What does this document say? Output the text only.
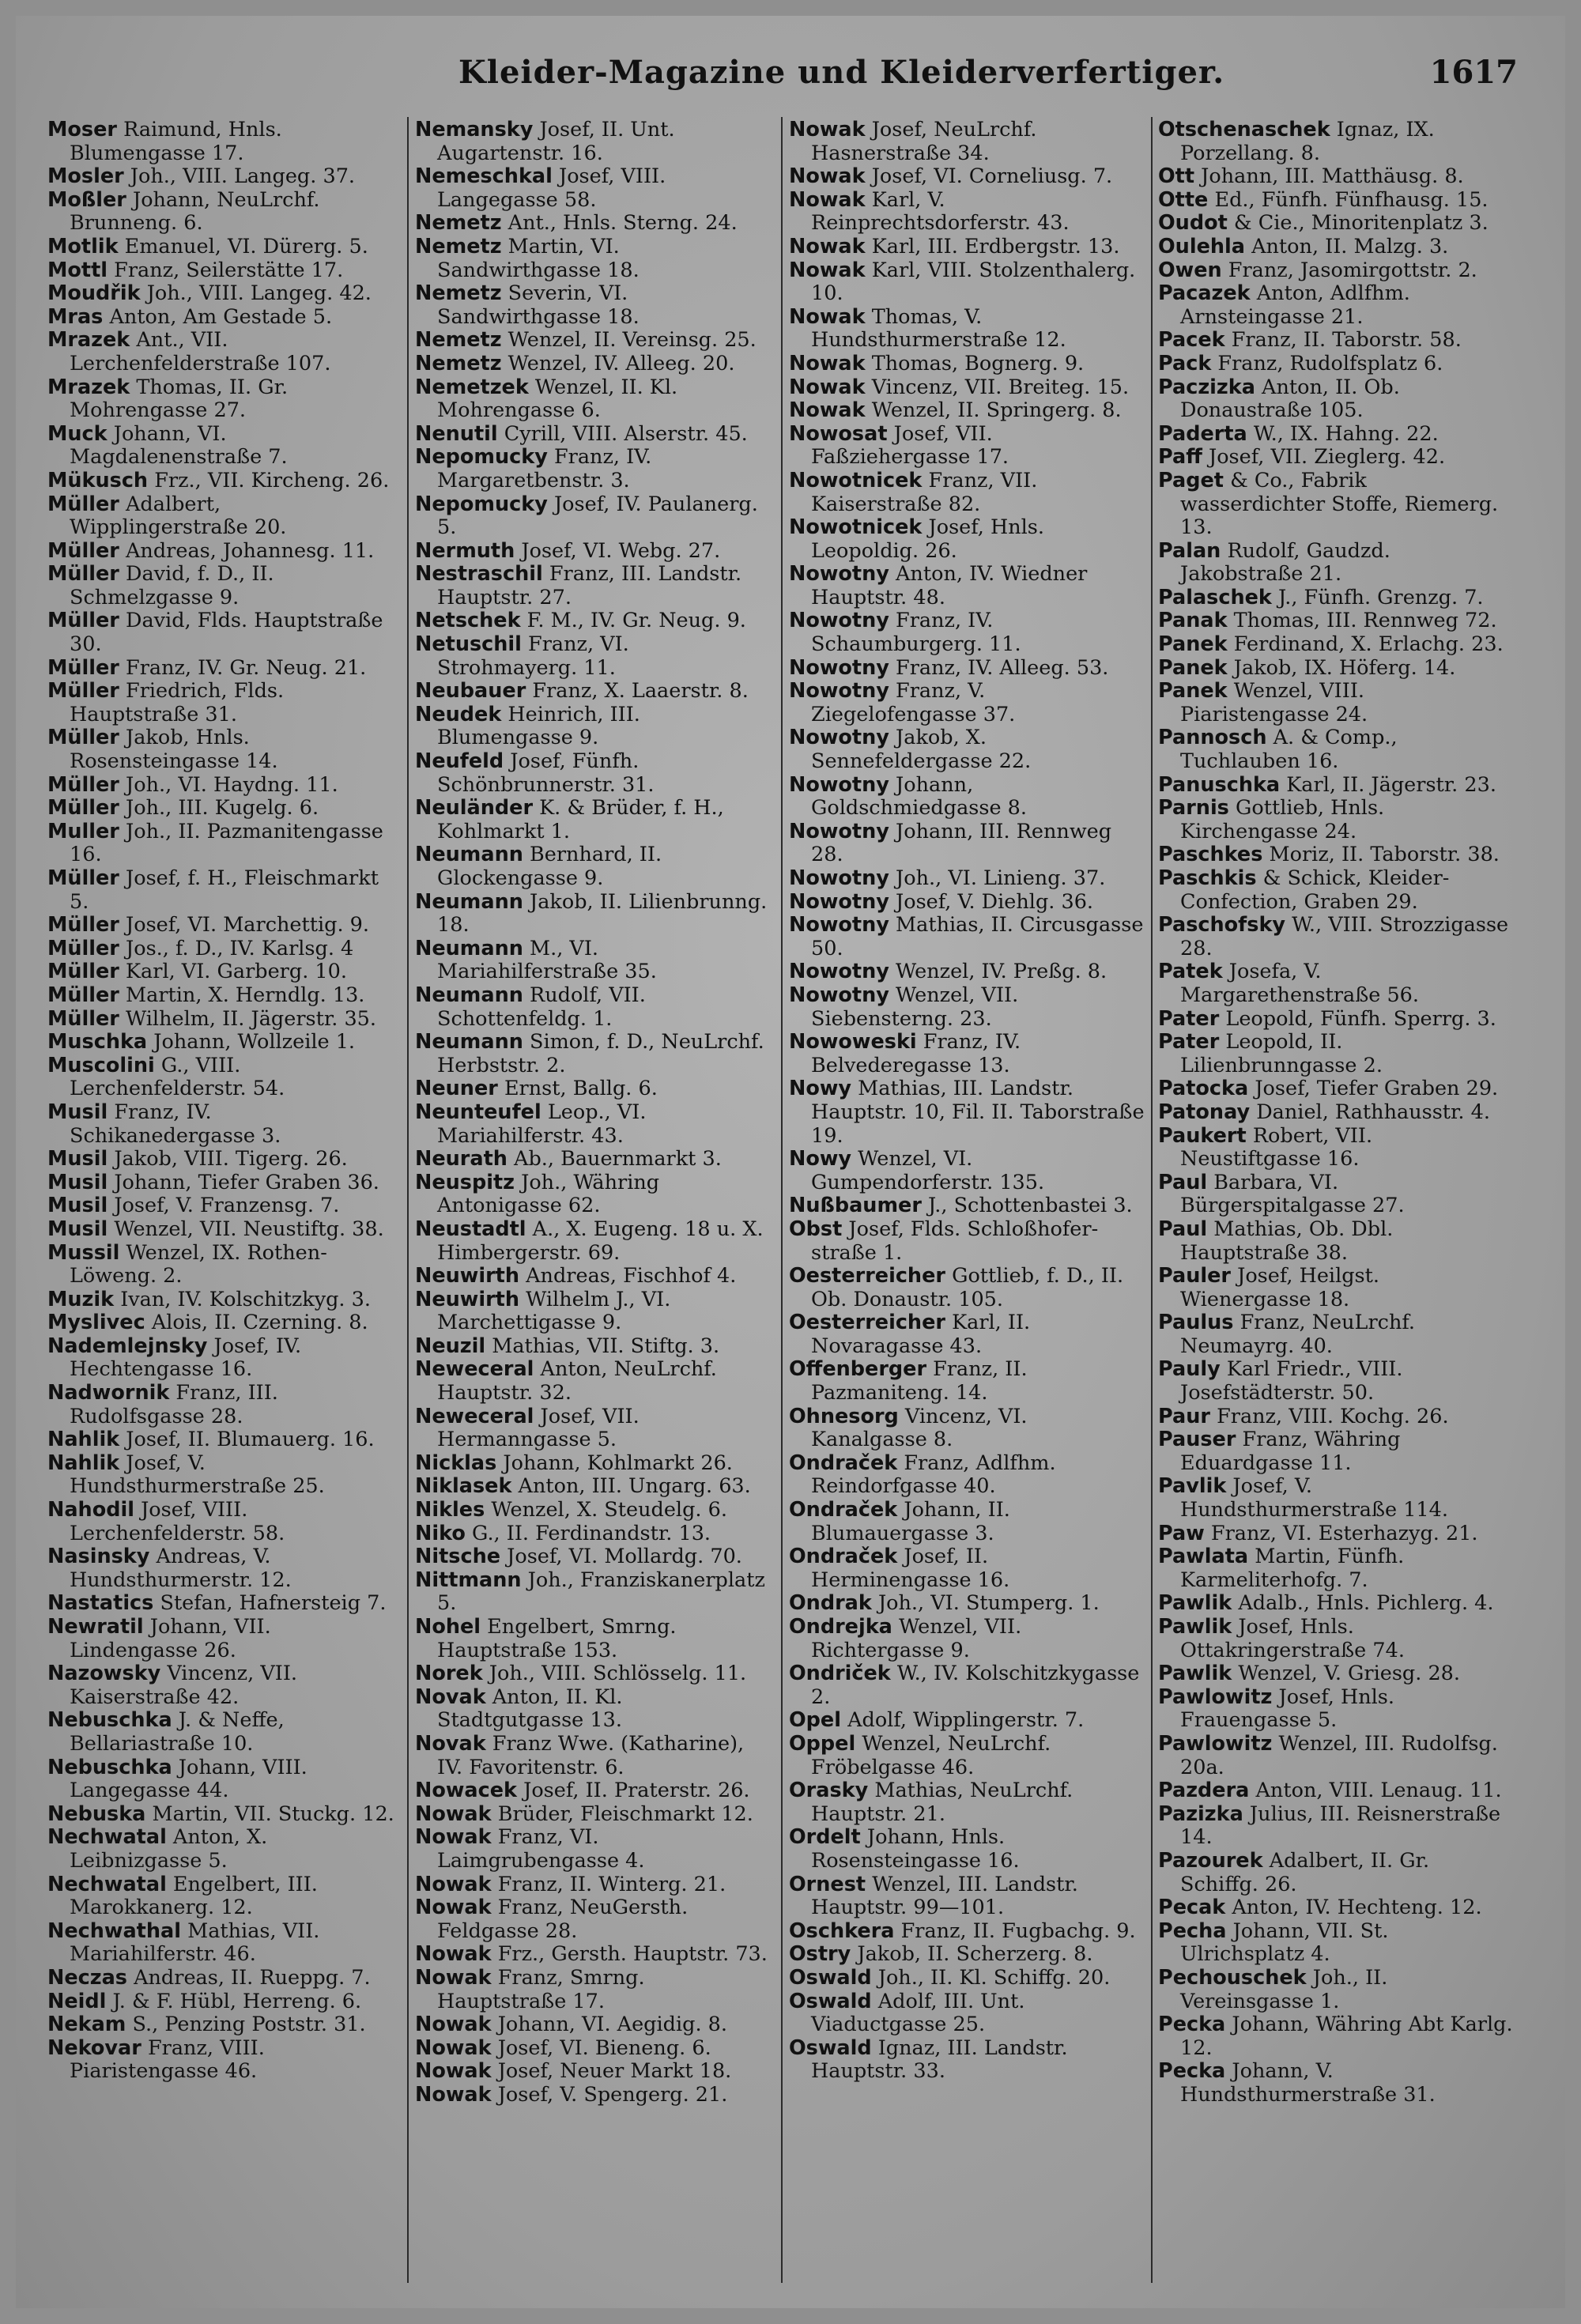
Kleider-Magazine und Kleiderverfertiger.	1617

Moser Raimund, Hnls. Blumengasse 17.

Mosler Joh., VIII. Langeg. 37.

Moßler Johann, NeuLrchf. Brunneng. 6.

Motlik Emanuel, VI. Dürerg. 5.

Mottl Franz, Seilerstätte 17.

Moudřik Joh., VIII. Langeg. 42.

Mras Anton, Am Gestade 5.

Mrazek Ant., VII. Lerchenfelderstraße 107.

Mrazek Thomas, II. Gr. Mohrengasse 27.

Muck Johann, VI. Magdalenenstraße 7.

Mükusch Frz., VII. Kircheng. 26.

Müller Adalbert, Wipplingerstraße 20.

Müller Andreas, Johannesg. 11.

Müller David, f. D., II. Schmelzgasse 9.

Müller David, Flds. Hauptstraße 30.

Müller Franz, IV. Gr. Neug. 21.

Müller Friedrich, Flds. Hauptstraße 31.

Müller Jakob, Hnls. Rosensteingasse 14.

Müller Joh., VI. Haydng. 11.

Müller Joh., III. Kugelg. 6.

Muller Joh., II. Pazmanitengasse 16.

Müller Josef, f. H., Fleischmarkt 5.

Müller Josef, VI. Marchettig. 9.

Müller Jos., f. D., IV. Karlsg. 4

Müller Karl, VI. Garberg. 10.

Müller Martin, X. Herndlg. 13.

Müller Wilhelm, II. Jägerstr. 35.

Muschka Johann, Wollzeile 1.

Muscolini G., VIII. Lerchenfelderstr. 54.

Musil Franz, IV. Schikanedergasse 3.

Musil Jakob, VIII. Tigerg. 26.

Musil Johann, Tiefer Graben 36.

Musil Josef, V. Franzensg. 7.

Musil Wenzel, VII. Neustiftg. 38.

Mussil Wenzel, IX. Rothen-Löweng. 2.

Muzik Ivan, IV. Kolschitzkyg. 3.

Myslivec Alois, II. Czerning. 8.

Nademlejnsky Josef, IV. Hechtengasse 16.

Nadwornik Franz, III. Rudolfsgasse 28.

Nahlik Josef, II. Blumauerg. 16.

Nahlik Josef, V. Hundsthurmerstraße 25.

Nahodil Josef, VIII. Lerchenfelderstr. 58.

Nasinsky Andreas, V. Hundsthurmerstr. 12.

Nastatics Stefan, Hafnersteig 7.

Newratil Johann, VII. Lindengasse 26.

Nazowsky Vincenz, VII. Kaiserstraße 42.

Nebuschka J. & Neffe, Bellariastraße 10.

Nebuschka Johann, VIII. Langegasse 44.

Nebuska Martin, VII. Stuckg. 12.

Nechwatal Anton, X. Leibnizgasse 5.

Nechwatal Engelbert, III. Marokkanerg. 12.

Nechwathal Mathias, VII. Mariahilferstr. 46.

Neczas Andreas, II. Rueppg. 7.

Neidl J. & F. Hübl, Herreng. 6.

Nekam S., Penzing Poststr. 31.

Nekovar Franz, VIII. Piaristengasse 46.

Nemansky Josef, II. Unt. Augartenstr. 16.

Nemeschkal Josef, VIII. Langegasse 58.

Nemetz Ant., Hnls. Sterng. 24.

Nemetz Martin, VI. Sandwirthgasse 18.

Nemetz Severin, VI. Sandwirthgasse 18.

Nemetz Wenzel, II. Vereinsg. 25.

Nemetz Wenzel, IV. Alleeg. 20.

Nemetzek Wenzel, II. Kl. Mohrengasse 6.

Nenutil Cyrill, VIII. Alserstr. 45.

Nepomucky Franz, IV. Margaretbenstr. 3.

Nepomucky Josef, IV. Paulanerg. 5.

Nermuth Josef, VI. Webg. 27.

Nestraschil Franz, III. Landstr. Hauptstr. 27.

Netschek F. M., IV. Gr. Neug. 9.

Netuschil Franz, VI. Strohmayerg. 11.

Neubauer Franz, X. Laaerstr. 8.

Neudek Heinrich, III. Blumengasse 9.

Neufeld Josef, Fünfh. Schönbrunnerstr. 31.

Neuländer K. & Brüder, f. H., Kohlmarkt 1.

Neumann Bernhard, II. Glockengasse 9.

Neumann Jakob, II. Lilienbrunng. 18.

Neumann M., VI. Mariahilferstraße 35.

Neumann Rudolf, VII. Schottenfeldg. 1.

Neumann Simon, f. D., NeuLrchf. Herbststr. 2.

Neuner Ernst, Ballg. 6.

Neunteufel Leop., VI. Mariahilferstr. 43.

Neurath Ab., Bauernmarkt 3.

Neuspitz Joh., Währing Antonigasse 62.

Neustadtl A., X. Eugeng. 18 u. X. Himbergerstr. 69.

Neuwirth Andreas, Fischhof 4.

Neuwirth Wilhelm J., VI. Marchettigasse 9.

Neuzil Mathias, VII. Stiftg. 3.

Neweceral Anton, NeuLrchf. Hauptstr. 32.

Neweceral Josef, VII. Hermanngasse 5.

Nicklas Johann, Kohlmarkt 26.

Niklasek Anton, III. Ungarg. 63.

Nikles Wenzel, X. Steudelg. 6.

Niko G., II. Ferdinandstr. 13.

Nitsche Josef, VI. Mollardg. 70.

Nittmann Joh., Franziskanerplatz 5.

Nohel Engelbert, Smrng. Hauptstraße 153.

Norek Joh., VIII. Schlösselg. 11.

Novak Anton, II. Kl. Stadtgutgasse 13.

Novak Franz Wwe. (Katharine), IV. Favoritenstr. 6.

Nowacek Josef, II. Praterstr. 26.

Nowak Brüder, Fleischmarkt 12.

Nowak Franz, VI. Laimgrubengasse 4.

Nowak Franz, II. Winterg. 21.

Nowak Franz, NeuGersth. Feldgasse 28.

Nowak Frz., Gersth. Hauptstr. 73.

Nowak Franz, Smrng. Hauptstraße 17.

Nowak Johann, VI. Aegidig. 8.

Nowak Josef, VI. Bieneng. 6.

Nowak Josef, Neuer Markt 18.

Nowak Josef, V. Spengerg. 21.

Nowak Josef, NeuLrchf. Hasnerstraße 34.

Nowak Josef, VI. Corneliusg. 7.

Nowak Karl, V. Reinprechtsdorferstr. 43.

Nowak Karl, III. Erdbergstr. 13.

Nowak Karl, VIII. Stolzenthalerg. 10.

Nowak Thomas, V. Hundsthurmerstraße 12.

Nowak Thomas, Bognerg. 9.

Nowak Vincenz, VII. Breiteg. 15.

Nowak Wenzel, II. Springerg. 8.

Nowosat Josef, VII. Faßziehergasse 17.

Nowotnicek Franz, VII. Kaiserstraße 82.

Nowotnicek Josef, Hnls. Leopoldig. 26.

Nowotny Anton, IV. Wiedner Hauptstr. 48.

Nowotny Franz, IV. Schaumburgerg. 11.

Nowotny Franz, IV. Alleeg. 53.

Nowotny Franz, V. Ziegelofengasse 37.

Nowotny Jakob, X. Sennefeldergasse 22.

Nowotny Johann, Goldschmiedgasse 8.

Nowotny Johann, III. Rennweg 28.

Nowotny Joh., VI. Linieng. 37.

Nowotny Josef, V. Diehlg. 36.

Nowotny Mathias, II. Circusgasse 50.

Nowotny Wenzel, IV. Preßg. 8.

Nowotny Wenzel, VII. Siebensterng. 23.

Nowoweski Franz, IV. Belvederegasse 13.

Nowy Mathias, III. Landstr. Hauptstr. 10, Fil. II. Taborstraße 19.

Nowy Wenzel, VI. Gumpendorferstr. 135.

Nußbaumer J., Schottenbastei 3.

Obst Josef, Flds. Schloßhofer-straße 1.

Oesterreicher Gottlieb, f. D., II. Ob. Donaustr. 105.

Oesterreicher Karl, II. Novaragasse 43.

Offenberger Franz, II. Pazmaniteng. 14.

Ohnesorg Vincenz, VI. Kanalgasse 8.

Ondraček Franz, Adlfhm. Reindorfgasse 40.

Ondraček Johann, II. Blumauergasse 3.

Ondraček Josef, II. Herminengasse 16.

Ondrak Joh., VI. Stumperg. 1.

Ondrejka Wenzel, VII. Richtergasse 9.

Ondriček W., IV. Kolschitzkygasse 2.

Opel Adolf, Wipplingerstr. 7.

Oppel Wenzel, NeuLrchf. Fröbelgasse 46.

Orasky Mathias, NeuLrchf. Hauptstr. 21.

Ordelt Johann, Hnls. Rosensteingasse 16.

Ornest Wenzel, III. Landstr. Hauptstr. 99—101.

Oschkera Franz, II. Fugbachg. 9.

Ostry Jakob, II. Scherzerg. 8.

Oswald Joh., II. Kl. Schiffg. 20.

Oswald Adolf, III. Unt. Viaductgasse 25.

Oswald Ignaz, III. Landstr. Hauptstr. 33.

Otschenaschek Ignaz, IX. Porzellang. 8.

Ott Johann, III. Matthäusg. 8.

Otte Ed., Fünfh. Fünfhausg. 15.

Oudot & Cie., Minoritenplatz 3.

Oulehla Anton, II. Malzg. 3.

Owen Franz, Jasomirgottstr. 2.

Pacazek Anton, Adlfhm. Arnsteingasse 21.

Pacek Franz, II. Taborstr. 58.

Pack Franz, Rudolfsplatz 6.

Paczizka Anton, II. Ob. Donaustraße 105.

Paderta W., IX. Hahng. 22.

Paff Josef, VII. Zieglerg. 42.

Paget & Co., Fabrik wasserdichter Stoffe, Riemerg. 13.

Palan Rudolf, Gaudzd. Jakobstraße 21.

Palaschek J., Fünfh. Grenzg. 7.

Panak Thomas, III. Rennweg 72.

Panek Ferdinand, X. Erlachg. 23.

Panek Jakob, IX. Höferg. 14.

Panek Wenzel, VIII. Piaristengasse 24.

Pannosch A. & Comp., Tuchlauben 16.

Panuschka Karl, II. Jägerstr. 23.

Parnis Gottlieb, Hnls. Kirchengasse 24.

Paschkes Moriz, II. Taborstr. 38.

Paschkis & Schick, Kleider-Confection, Graben 29.

Paschofsky W., VIII. Strozzigasse 28.

Patek Josefa, V. Margarethenstraße 56.

Pater Leopold, Fünfh. Sperrg. 3.

Pater Leopold, II. Lilienbrunngasse 2.

Patocka Josef, Tiefer Graben 29.

Patonay Daniel, Rathhausstr. 4.

Paukert Robert, VII. Neustiftgasse 16.

Paul Barbara, VI. Bürgerspitalgasse 27.

Paul Mathias, Ob. Dbl. Hauptstraße 38.

Pauler Josef, Heilgst. Wienergasse 18.

Paulus Franz, NeuLrchf. Neumayrg. 40.

Pauly Karl Friedr., VIII. Josefstädterstr. 50.

Paur Franz, VIII. Kochg. 26.

Pauser Franz, Währing Eduardgasse 11.

Pavlik Josef, V. Hundsthurmerstraße 114.

Paw Franz, VI. Esterhazyg. 21.

Pawlata Martin, Fünfh. Karmeliterhofg. 7.

Pawlik Adalb., Hnls. Pichlerg. 4.

Pawlik Josef, Hnls. Ottakringerstraße 74.

Pawlik Wenzel, V. Griesg. 28.

Pawlowitz Josef, Hnls. Frauengasse 5.

Pawlowitz Wenzel, III. Rudolfsg. 20a.

Pazdera Anton, VIII. Lenaug. 11.

Pazizka Julius, III. Reisnerstraße 14.

Pazourek Adalbert, II. Gr. Schiffg. 26.

Pecak Anton, IV. Hechteng. 12.

Pecha Johann, VII. St. Ulrichsplatz 4.

Pechouschek Joh., II. Vereinsgasse 1.

Pecka Johann, Währing Abt Karlg. 12.

Pecka Johann, V. Hundsthurmerstraße 31.
